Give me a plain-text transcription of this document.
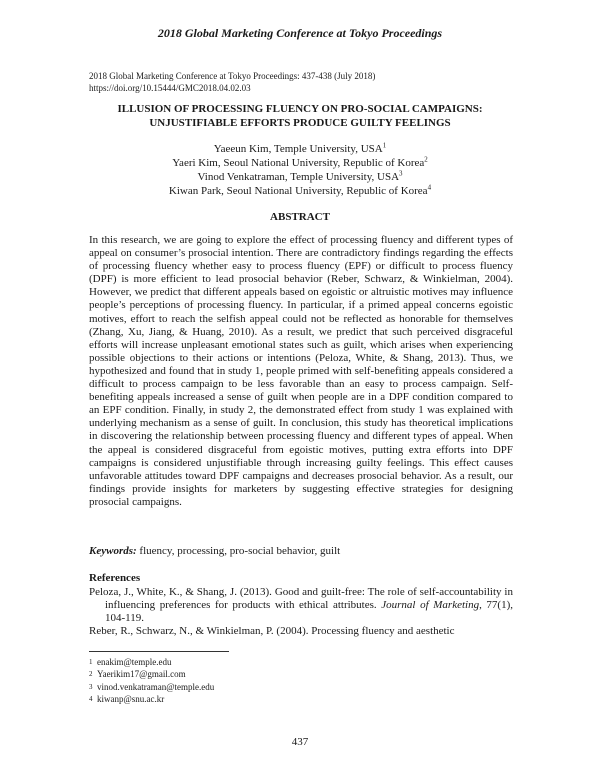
2018 Global Marketing Conference at Tokyo Proceedings
2018 Global Marketing Conference at Tokyo Proceedings: 437-438 (July 2018)
https://doi.org/10.15444/GMC2018.04.02.03
ILLUSION OF PROCESSING FLUENCY ON PRO-SOCIAL CAMPAIGNS:
UNJUSTIFIABLE EFFORTS PRODUCE GUILTY FEELINGS
Yaeeun Kim, Temple University, USA$^1$
Yaeri Kim, Seoul National University, Republic of Korea$^2$
Vinod Venkatraman, Temple University, USA$^3$
Kiwan Park, Seoul National University, Republic of Korea$^4$
ABSTRACT

In this research, we are going to explore the effect of processing fluency and different types of appeal on consumer’s prosocial intention. There are contradictory findings regarding the effects of processing fluency whether easy to process fluency (EPF) or difficult to process fluency (DPF) is more efficient to lead prosocial behavior (Reber, Schwarz, & Winkielman, 2004). However, we predict that different appeals based on egoistic or altruistic motives may influence people’s perceptions of processing fluency. In particular, if a primed appeal concerns egoistic motives, effort to reach the selfish appeal could not be reflected as honorable for themselves (Zhang, Xu, Jiang, & Huang, 2010). As a result, we predict that such perceived disgraceful efforts will increase unpleasant emotional states such as guilt, which arises when experiencing possible objections to their actions or intentions (Peloza, White, & Shang, 2013). Thus, we hypothesized and found that in study 1, people primed with self-benefiting appeals considered a difficult to process campaign to be less favorable than an easy to process campaign. Self-benefiting appeals increased a sense of guilt when people are in a DPF condition compared to an EPF condition. Finally, in study 2, the demonstrated effect from study 1 was explained with underlying mechanism as a sense of guilt. In conclusion, this study has theoretical implications in discovering the relationship between processing fluency and different types of appeal. When the appeal is considered disgraceful from egoistic motives, putting extra efforts into DPF campaigns is considered unjustifiable through increasing guilty feelings. This effect causes unfavorable attitudes toward DPF campaigns and decreases prosocial behavior. As a result, our findings provide insights for marketers by suggesting effective strategies for designing prosocial campaigns.

Keywords: fluency, processing, pro-social behavior, guilt
References

Peloza, J., White, K., & Shang, J. (2013). Good and guilt-free: The role of self-accountability in influencing preferences for products with ethical attributes. Journal of Marketing, 77(1), 104-119.

Reber, R., Schwarz, N., & Winkielman, P. (2004). Processing fluency and aesthetic

1 enakim@temple.edu
2 Yaerikim17@gmail.com
3 vinod.venkatraman@temple.edu
4 kiwanp@snu.ac.kr
437
